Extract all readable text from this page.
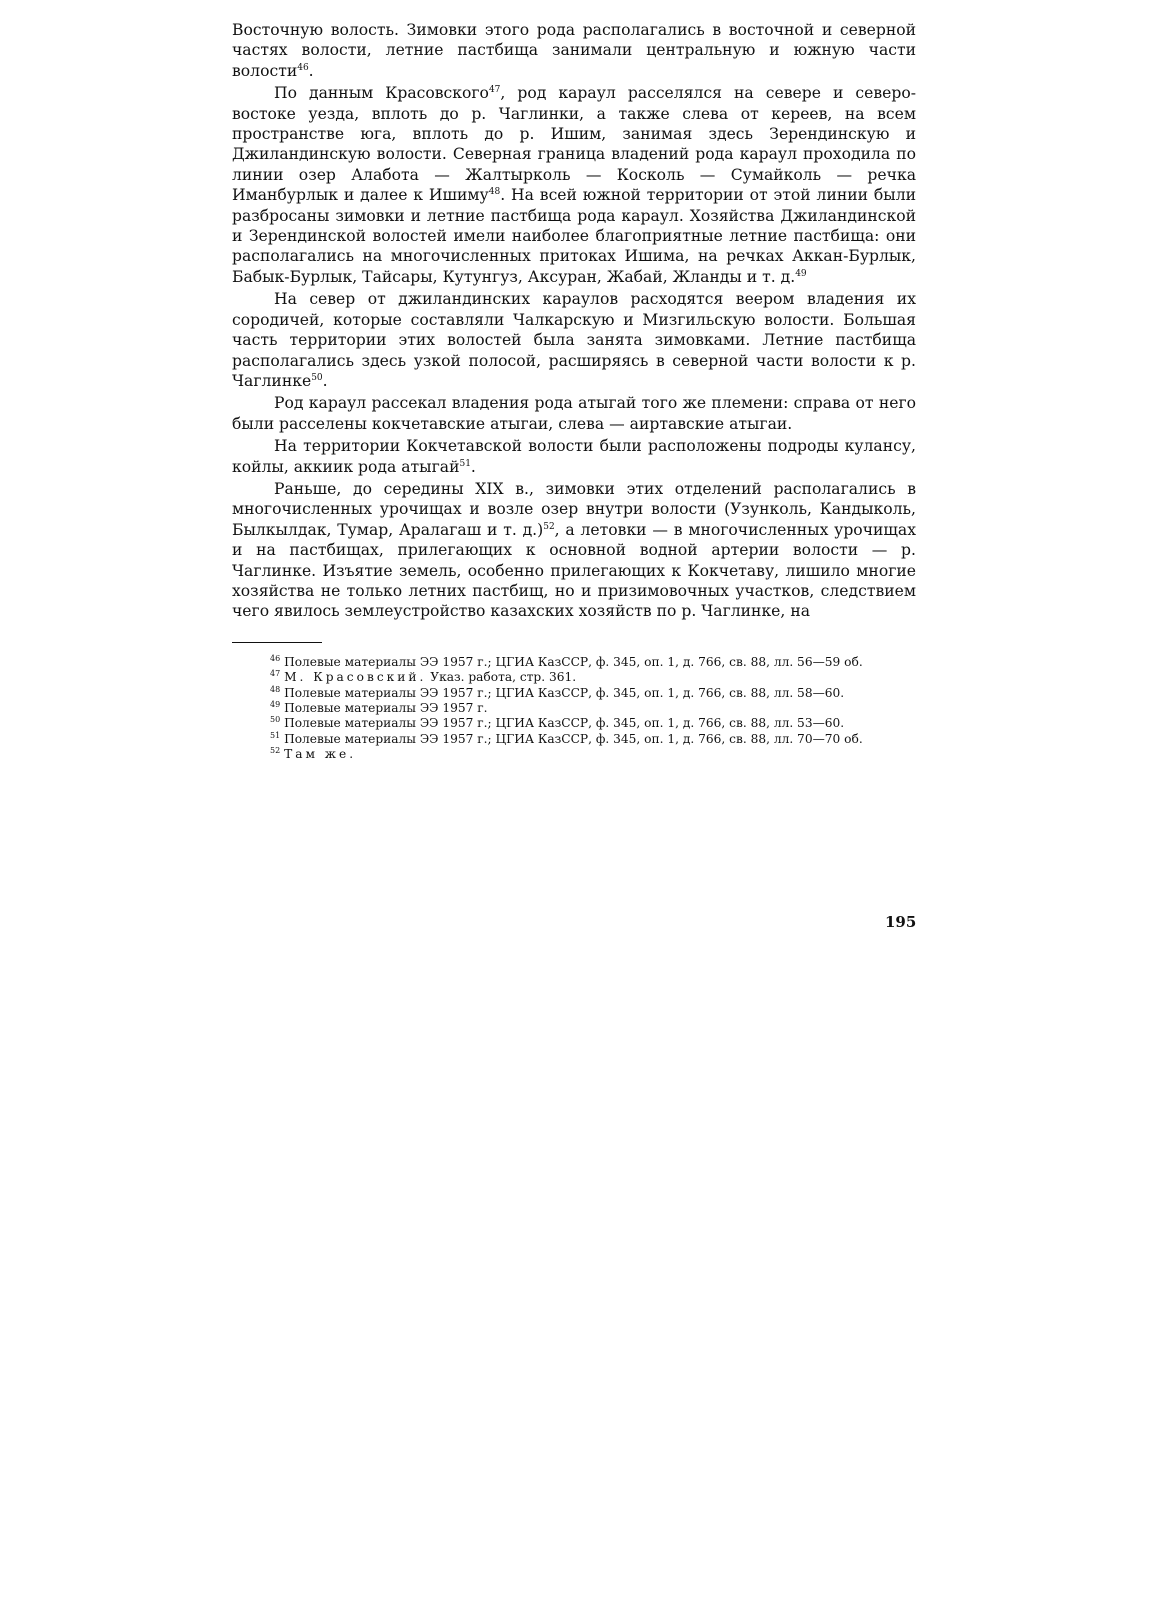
Восточную волость. Зимовки этого рода располагались в восточной и северной частях волости, летние пастбища занимали центральную и южную части волости$^{46}$.

По данным Красовского$^{47}$, род караул расселялся на севере и северо-востоке уезда, вплоть до р. Чаглинки, а также слева от кереев, на всем пространстве юга, вплоть до р. Ишим, занимая здесь Зерендинскую и Джиландинскую волости. Северная граница владений рода караул проходила по линии озер Алабота — Жалтырколь — Косколь — Сумайколь — речка Иманбурлык и далее к Ишиму$^{48}$. На всей южной территории от этой линии были разбросаны зимовки и летние пастбища рода караул. Хозяйства Джиландинской и Зерендинской волостей имели наиболее благоприятные летние пастбища: они располагались на многочисленных притоках Ишима, на речках Аккан-Бурлык, Бабык-Бурлык, Тайсары, Кутунгуз, Аксуран, Жабай, Жланды и т. д.$^{49}$

На север от джиландинских караулов расходятся веером владения их сородичей, которые составляли Чалкарскую и Мизгильскую волости. Большая часть территории этих волостей была занята зимовками. Летние пастбища располагались здесь узкой полосой, расширяясь в северной части волости к р. Чаглинке$^{50}$.

Род караул рассекал владения рода атыгай того же племени: справа от него были расселены кокчетавские атыгаи, слева — аиртавские атыгаи.

На территории Кокчетавской волости были расположены подроды кулансу, койлы, аккиик рода атыгай$^{51}$.

Раньше, до середины XIX в., зимовки этих отделений располагались в многочисленных урочищах и возле озер внутри волости (Узунколь, Кандыколь, Былкылдак, Тумар, Аралагаш и т. д.)$^{52}$, а летовки — в многочисленных урочищах и на пастбищах, прилегающих к основной водной артерии волости — р. Чаглинке. Изъятие земель, особенно прилегающих к Кокчетаву, лишило многие хозяйства не только летних пастбищ, но и призимовочных участков, следствием чего явилось землеустройство казахских хозяйств по р. Чаглинке, на

$^{46}$ Полевые материалы ЭЭ 1957 г.; ЦГИА КазССР, ф. 345, оп. 1, д. 766, св. 88, лл. 56—59 об.

$^{47}$ М. Красовский. Указ. работа, стр. 361.

$^{48}$ Полевые материалы ЭЭ 1957 г.; ЦГИА КазССР, ф. 345, оп. 1, д. 766, св. 88, лл. 58—60.

$^{49}$ Полевые материалы ЭЭ 1957 г.

$^{50}$ Полевые материалы ЭЭ 1957 г.; ЦГИА КазССР, ф. 345, оп. 1, д. 766, св. 88, лл. 53—60.

$^{51}$ Полевые материалы ЭЭ 1957 г.; ЦГИА КазССР, ф. 345, оп. 1, д. 766, св. 88, лл. 70—70 об.

$^{52}$ Там же.

195
